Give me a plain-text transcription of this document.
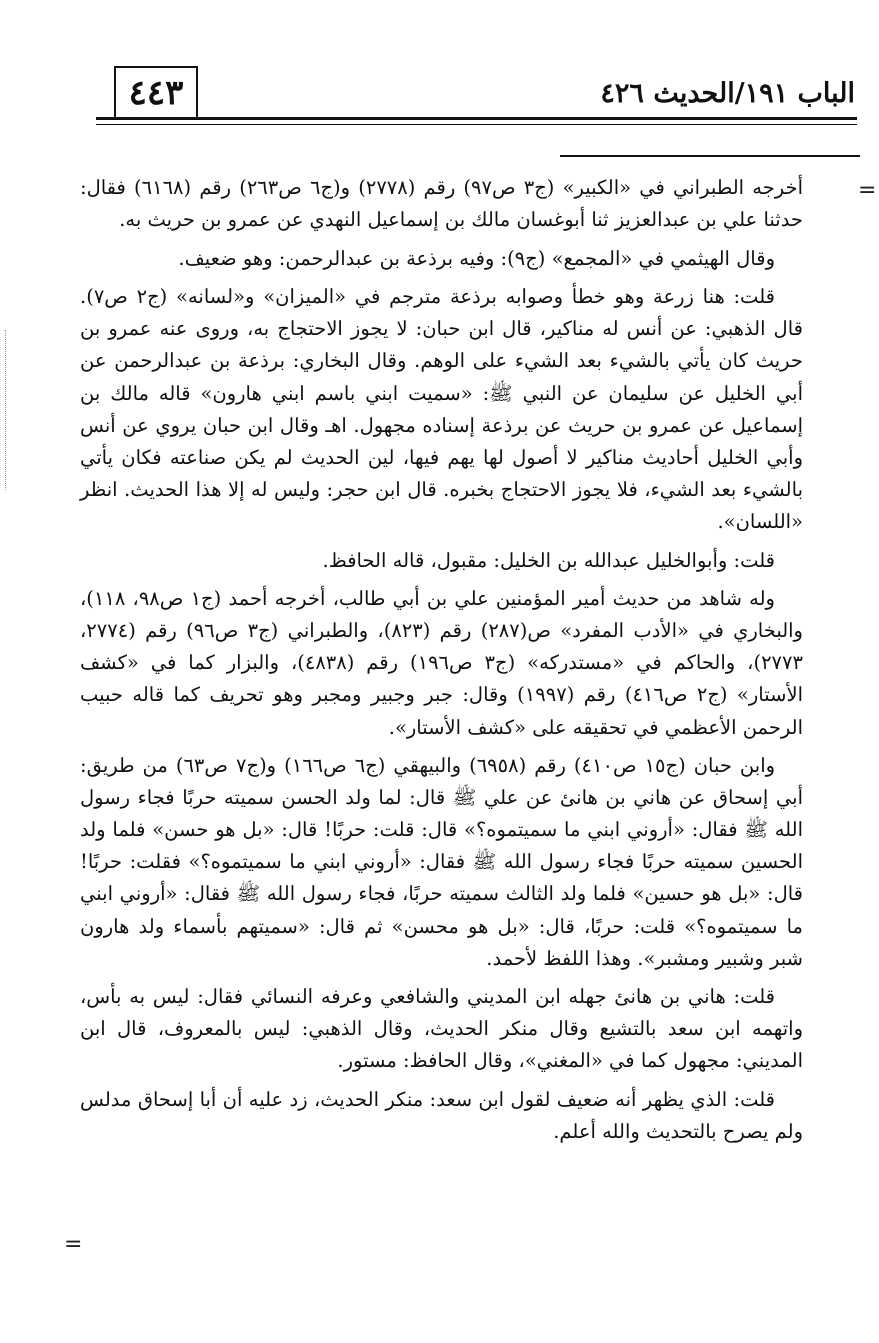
الباب ١٩١/الحديث ٤٢٦
٤٤٣
=
=

أخرجه الطبراني في «الكبير» (ج٣ ص٩٧) رقم (٢٧٧٨) و(ج٦ ص٢٦٣) رقم (٦١٦٨) فقال: حدثنا علي بن عبدالعزيز ثنا أبوغسان مالك بن إسماعيل النهدي عن عمرو بن حريث به.

وقال الهيثمي في «المجمع» (ج٩): وفيه برذعة بن عبدالرحمن: وهو ضعيف.

قلت: هنا زرعة وهو خطأ وصوابه برذعة مترجم في «الميزان» و«لسانه» (ج٢ ص٧). قال الذهبي: عن أنس له مناكير، قال ابن حبان: لا يجوز الاحتجاج به، وروى عنه عمرو بن حريث كان يأتي بالشيء بعد الشيء على الوهم. وقال البخاري: برذعة بن عبدالرحمن عن أبي الخليل عن سليمان عن النبي ﷺ: «سميت ابني باسم ابني هارون» قاله مالك بن إسماعيل عن عمرو بن حريث عن برذعة إسناده مجهول. اهـ وقال ابن حبان يروي عن أنس وأبي الخليل أحاديث مناكير لا أصول لها يهم فيها، لين الحديث لم يكن صناعته فكان يأتي بالشيء بعد الشيء، فلا يجوز الاحتجاج بخبره. قال ابن حجر: وليس له إلا هذا الحديث. انظر «اللسان».

قلت: وأبوالخليل عبدالله بن الخليل: مقبول، قاله الحافظ.

وله شاهد من حديث أمير المؤمنين علي بن أبي طالب، أخرجه أحمد (ج١ ص٩٨، ١١٨)، والبخاري في «الأدب المفرد» ص(٢٨٧) رقم (٨٢٣)، والطبراني (ج٣ ص٩٦) رقم (٢٧٧٤، ٢٧٧٣)، والحاكم في «مستدركه» (ج٣ ص١٩٦) رقم (٤٨٣٨)، والبزار كما في «كشف الأستار» (ج٢ ص٤١٦) رقم (١٩٩٧) وقال: جبر وجبير ومجبر وهو تحريف كما قاله حبيب الرحمن الأعظمي في تحقيقه على «كشف الأستار».

وابن حبان (ج١٥ ص٤١٠) رقم (٦٩٥٨) والبيهقي (ج٦ ص١٦٦) و(ج٧ ص٦٣) من طريق: أبي إسحاق عن هاني بن هانئ عن علي ﷺ قال: لما ولد الحسن سميته حربًا فجاء رسول الله ﷺ فقال: «أروني ابني ما سميتموه؟» قال: قلت: حربًا! قال: «بل هو حسن» فلما ولد الحسين سميته حربًا فجاء رسول الله ﷺ فقال: «أروني ابني ما سميتموه؟» فقلت: حربًا! قال: «بل هو حسين» فلما ولد الثالث سميته حربًا، فجاء رسول الله ﷺ فقال: «أروني ابني ما سميتموه؟» قلت: حربًا، قال: «بل هو محسن» ثم قال: «سميتهم بأسماء ولد هارون شبر وشبير ومشبر». وهذا اللفظ لأحمد.

قلت: هاني بن هانئ جهله ابن المديني والشافعي وعرفه النسائي فقال: ليس به بأس، واتهمه ابن سعد بالتشيع وقال منكر الحديث، وقال الذهبي: ليس بالمعروف، قال ابن المديني: مجهول كما في «المغني»، وقال الحافظ: مستور.

قلت: الذي يظهر أنه ضعيف لقول ابن سعد: منكر الحديث، زد عليه أن أبا إسحاق مدلس ولم يصرح بالتحديث والله أعلم.
